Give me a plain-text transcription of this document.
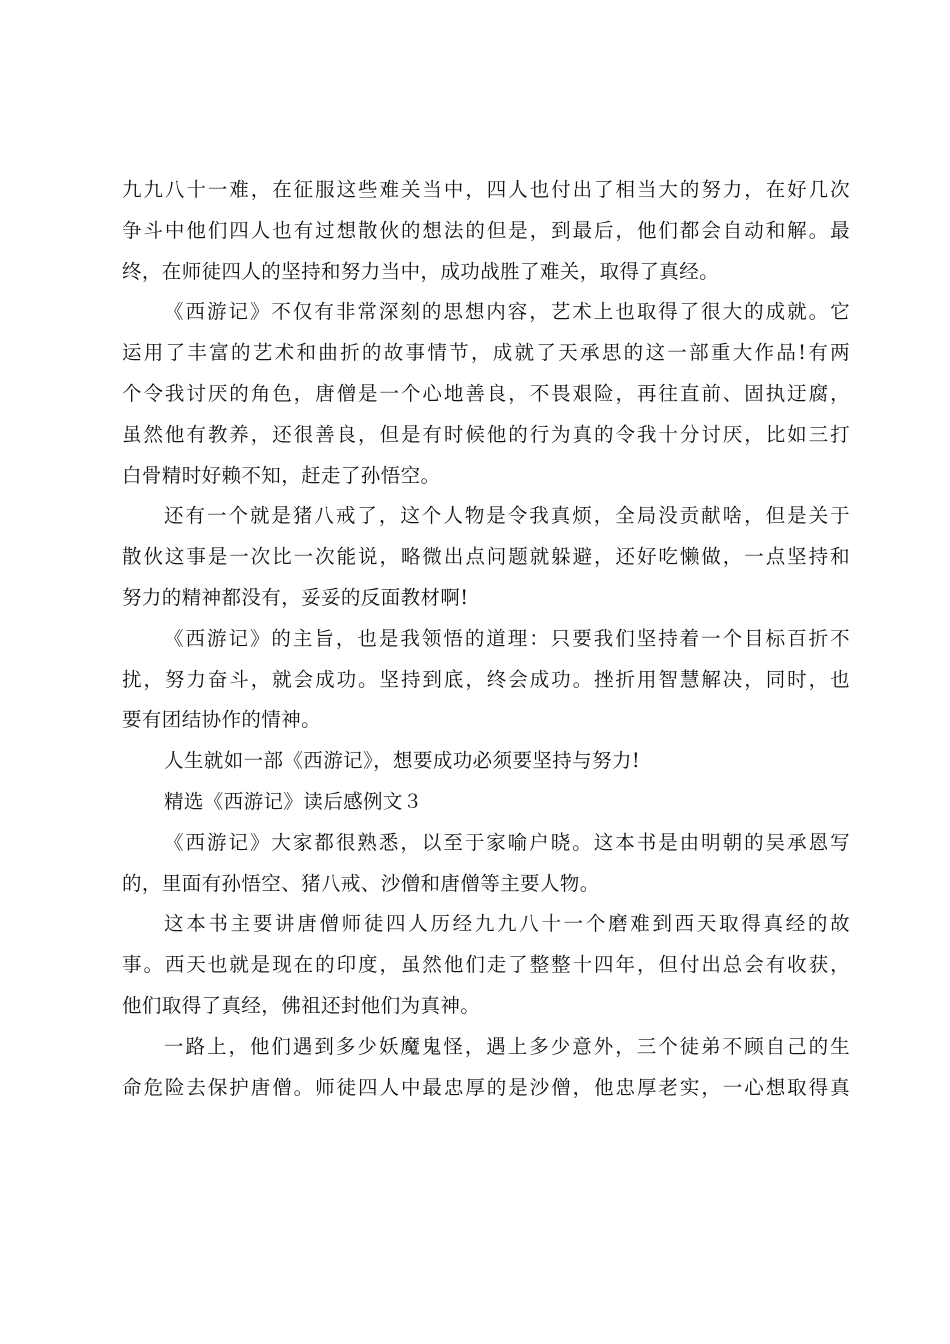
九九八十一难，在征服这些难关当中，四人也付出了相当大的努力，在好几次
争斗中他们四人也有过想散伙的想法的但是，到最后，他们都会自动和解。最
终，在师徒四人的坚持和努力当中，成功战胜了难关，取得了真经。
《西游记》不仅有非常深刻的思想内容，艺术上也取得了很大的成就。它
运用了丰富的艺术和曲折的故事情节，成就了天承思的这一部重大作品!有两
个令我讨厌的角色，唐僧是一个心地善良，不畏艰险，再往直前、固执迂腐，
虽然他有教养，还很善良，但是有时候他的行为真的令我十分讨厌，比如三打
白骨精时好赖不知，赶走了孙悟空。
还有一个就是猪八戒了，这个人物是令我真烦，全局没贡献啥，但是关于
散伙这事是一次比一次能说，略微出点问题就躲避，还好吃懒做，一点坚持和
努力的精神都没有，妥妥的反面教材啊!
《西游记》的主旨，也是我领悟的道理：只要我们坚持着一个目标百折不
扰，努力奋斗，就会成功。坚持到底，终会成功。挫折用智慧解决，同时，也
要有团结协作的情神。
人生就如一部《西游记》，想要成功必须要坚持与努力!
精选《西游记》读后感例文３
《西游记》大家都很熟悉，以至于家喻户晓。这本书是由明朝的吴承恩写
的，里面有孙悟空、猪八戒、沙僧和唐僧等主要人物。
这本书主要讲唐僧师徒四人历经九九八十一个磨难到西天取得真经的故
事。西天也就是现在的印度，虽然他们走了整整十四年，但付出总会有收获，
他们取得了真经，佛祖还封他们为真神。
一路上，他们遇到多少妖魔鬼怪，遇上多少意外，三个徒弟不顾自己的生
命危险去保护唐僧。师徒四人中最忠厚的是沙僧，他忠厚老实，一心想取得真
